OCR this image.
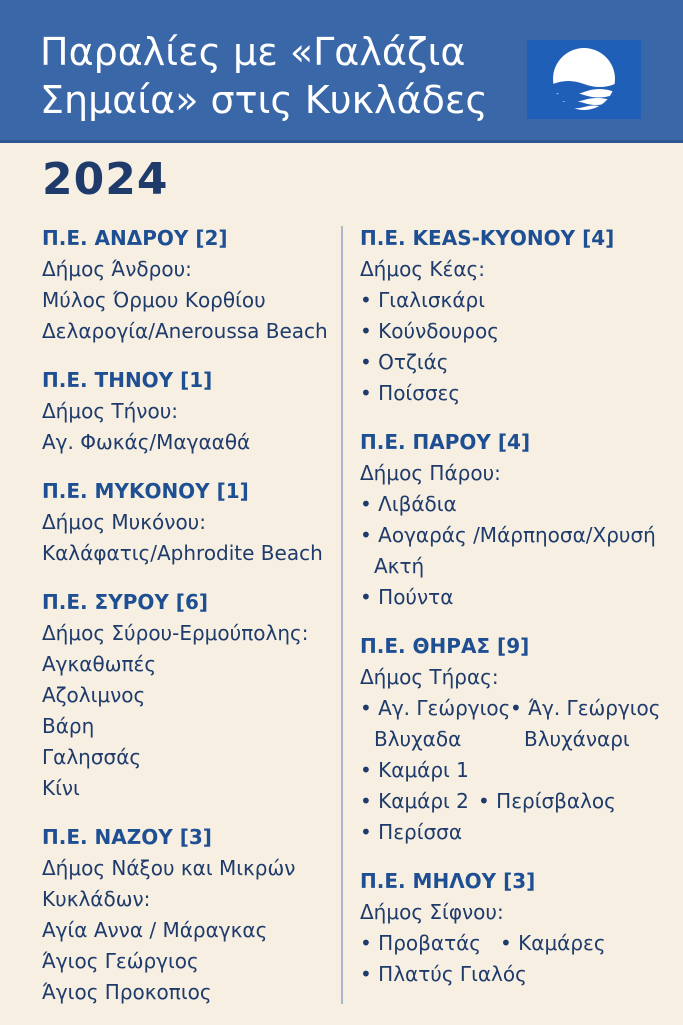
Παραλίες με «Γαλάζια
Σημαία» στις Κυκλάδες
2024
Π.Ε. ΑΝΔΡΟΥ [2]
Δήμος Άνδρου:
Μύλος Όρμου Κορθίου
Δελαρογία/Aneroussa Beach
Π.Ε. ΤΗΝΟΥ [1]
Δήμος Τήνου:
Αγ. Φωκάς/Μαγααθά
Π.Ε. ΜΥΚΟΝΟΥ [1]
Δήμος Μυκόνου:
Καλάφατις/Aphrodite Beach
Π.Ε. ΣΥΡΟΥ [6]
Δήμος Σύρου-Ερμούπολης:
Αγκαθωπές
Αζολιμνος
Βάρη
Γαλησσάς
Κίνι
Π.Ε. ΝΑΖΟΥ [3]
Δήμος Νάξου και Μικρών
Κυκλάδων:
Αγία Αννα / Μάραγκας
Άγιος Γεώργιος
Άγιος Προκοπιος
Π.Ε. ΚΕΑS-ΚΥΟΝΟΥ [4]
Δήμος Κέας:
• Γιαλισκάρι
• Κούνδουρος
• Οτζιάς
• Ποίσσες
Π.Ε. ΠΑΡΟΥ [4]
Δήμος Πάρου:
• Λιβάδια
• Αογαράς /Μάρπηοσα/Χρυσή
Ακτή
• Πούντα
Π.Ε. ΘΗΡΑΣ [9]
Δήμος Τήρας:
• Αγ. Γεώργιος
Βλυχαδα
• Άγ. Γεώργιος
Βλυχάναρι
• Καμάρι 1
• Καμάρι 2	• Περίσβαλος
• Περίσσα
Π.Ε. ΜΗΛΟΥ [3]
Δήμος Σίφνου:
• Προβατάς	• Καμάρες
• Πλατύς Γιαλός
